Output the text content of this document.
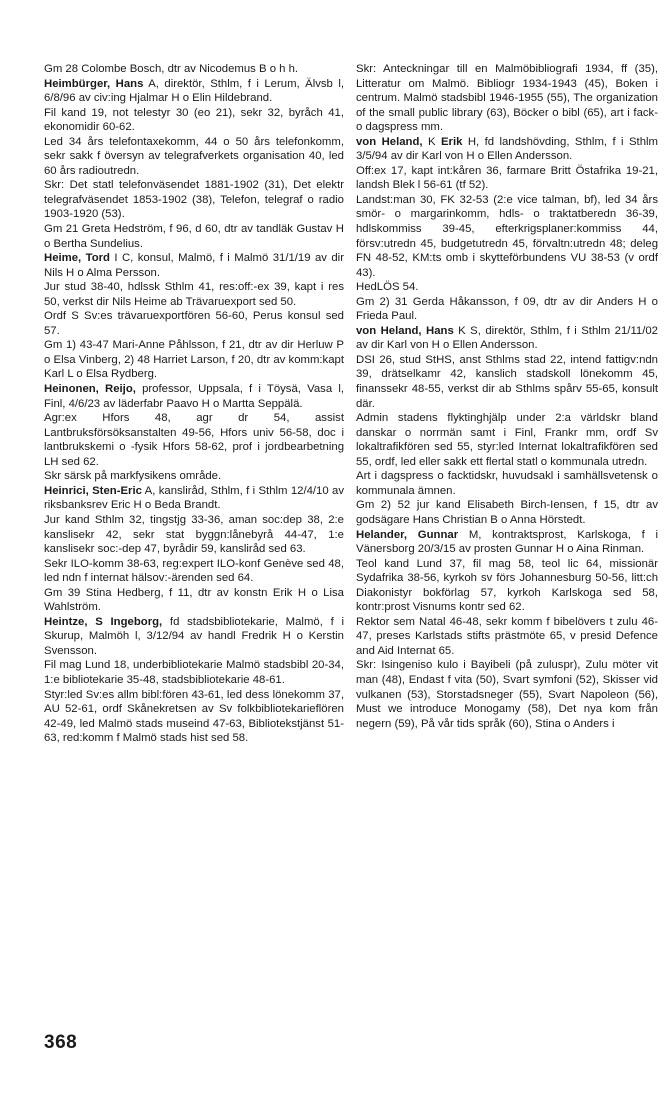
Gm 28 Colombe Bosch, dtr av Nicodemus B o h h.

Heimbürger, Hans A, direktör, Sthlm, f i Lerum, Älvsb l, 6/8/96 av civ:ing Hjalmar H o Elin Hildebrand.

Fil kand 19, not telestyr 30 (eo 21), sekr 32, byråch 41, ekonomidir 60-62.

Led 34 års telefontaxekomm, 44 o 50 års telefonkomm, sekr sakk f översyn av telegrafverkets organisation 40, led 60 års radioutredn.

Skr: Det statl telefonväsendet 1881-1902 (31), Det elektr telegrafväsendet 1853-1902 (38), Telefon, telegraf o radio 1903-1920 (53).

Gm 21 Greta Hedström, f 96, d 60, dtr av tandläk Gustav H o Bertha Sundelius.

Heime, Tord I C, konsul, Malmö, f i Malmö 31/1/19 av dir Nils H o Alma Persson.

Jur stud 38-40, hdlssk Sthlm 41, res:off:-ex 39, kapt i res 50, verkst dir Nils Heime ab Trävaruexport sed 50.

Ordf S Sv:es trävaruexportfören 56-60, Perus konsul sed 57.

Gm 1) 43-47 Mari-Anne Påhlsson, f 21, dtr av dir Herluw P o Elsa Vinberg, 2) 48 Harriet Larson, f 20, dtr av komm:kapt Karl L o Elsa Rydberg.

Heinonen, Reijo, professor, Uppsala, f i Töysä, Vasa l, Finl, 4/6/23 av läderfabr Paavo H o Martta Seppälä.

Agr:ex Hfors 48, agr dr 54, assist Lantbruksförsöksanstalten 49-56, Hfors univ 56-58, doc i lantbrukskemi o -fysik Hfors 58-62, prof i jordbearbetning LH sed 62.

Skr särsk på markfysikens område.

Heinrici, Sten-Eric A, kansliråd, Sthlm, f i Sthlm 12/4/10 av riksbanksrev Eric H o Beda Brandt.

Jur kand Sthlm 32, tingstjg 33-36, aman soc:dep 38, 2:e kanslisekr 42, sekr stat byggn:lånebyrå 44-47, 1:e kanslisekr soc:-dep 47, byrådir 59, kansliråd sed 63.

Sekr ILO-komm 38-63, reg:expert ILO-konf Genève sed 48, led ndn f internat hälsov:-ärenden sed 64.

Gm 39 Stina Hedberg, f 11, dtr av konstn Erik H o Lisa Wahlström.

Heintze, S Ingeborg, fd stadsbibliotekarie, Malmö, f i Skurup, Malmöh l, 3/12/94 av handl Fredrik H o Kerstin Svensson.

Fil mag Lund 18, underbibliotekarie Malmö stadsbibl 20-34, 1:e bibliotekarie 35-48, stadsbibliotekarie 48-61.

Styr:led Sv:es allm bibl:fören 43-61, led dess lönekomm 37, AU 52-61, ordf Skånekretsen av Sv folkbibliotekarieflören 42-49, led Malmö stads museind 47-63, Bibliotekstjänst 51-63, red:komm f Malmö stads hist sed 58.

Skr: Anteckningar till en Malmöbibliografi 1934, ff (35), Litteratur om Malmö. Bibliogr 1934-1943 (45), Boken i centrum. Malmö stadsbibl 1946-1955 (55), The organization of the small public library (63), Böcker o bibl (65), art i fack- o dagspress mm.

von Heland, K Erik H, fd landshövding, Sthlm, f i Sthlm 3/5/94 av dir Karl von H o Ellen Andersson.

Off:ex 17, kapt int:kåren 36, farmare Britt Östafrika 19-21, landsh Blek l 56-61 (tf 52).

Landst:man 30, FK 32-53 (2:e vice talman, bf), led 34 års smör- o margarinkomm, hdls- o traktatberedn 36-39, hdlskommiss 39-45, efterkrigsplaner:kommiss 44, försv:utredn 45, budgetutredn 45, förvaltn:utredn 48; deleg FN 48-52, KM:ts omb i skytteförbundens VU 38-53 (v ordf 43).

HedLÖS 54.

Gm 2) 31 Gerda Håkansson, f 09, dtr av dir Anders H o Frieda Paul.

von Heland, Hans K S, direktör, Sthlm, f i Sthlm 21/11/02 av dir Karl von H o Ellen Andersson.

DSI 26, stud StHS, anst Sthlms stad 22, intend fattigv:ndn 39, drätselkamr 42, kanslich stadskoll lönekomm 45, finanssekr 48-55, verkst dir ab Sthlms spårv 55-65, konsult där.

Admin stadens flyktinghjälp under 2:a världskr bland danskar o norrmän samt i Finl, Frankr mm, ordf Sv lokaltrafikfören sed 55, styr:led Internat lokaltrafikfören sed 55, ordf, led eller sakk ett flertal statl o kommunala utredn.

Art i dagspress o facktidskr, huvudsakl i samhällsvetensk o kommunala ämnen.

Gm 2) 52 jur kand Elisabeth Birch-Iensen, f 15, dtr av godsägare Hans Christian B o Anna Hörstedt.

Helander, Gunnar M, kontraktsprost, Karlskoga, f i Vänersborg 20/3/15 av prosten Gunnar H o Aina Rinman.

Teol kand Lund 37, fil mag 58, teol lic 64, missionär Sydafrika 38-56, kyrkoh sv förs Johannesburg 50-56, litt:ch Diakonistyr bokförlag 57, kyrkoh Karlskoga sed 58, kontr:prost Visnums kontr sed 62.

Rektor sem Natal 46-48, sekr komm f bibelövers t zulu 46-47, preses Karlstads stifts prästmöte 65, v presid Defence and Aid Internat 65.

Skr: Isingeniso kulo i Bayibeli (på zuluspr), Zulu möter vit man (48), Endast f vita (50), Svart symfoni (52), Skisser vid vulkanen (53), Storstadsneger (55), Svart Napoleon (56), Must we introduce Monogamy (58), Det nya kom från negern (59), På vår tids språk (60), Stina o Anders i

368
